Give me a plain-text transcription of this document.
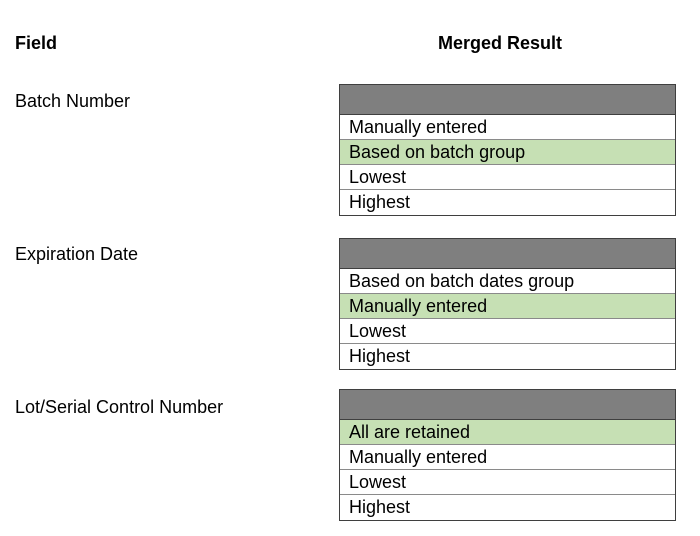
Field	Merged Result
Batch Number
Manually entered
Based on batch group
Lowest
Highest
Expiration Date
Based on batch dates group
Manually entered
Lowest
Highest
Lot/Serial Control Number
All are retained
Manually entered
Lowest
Highest
